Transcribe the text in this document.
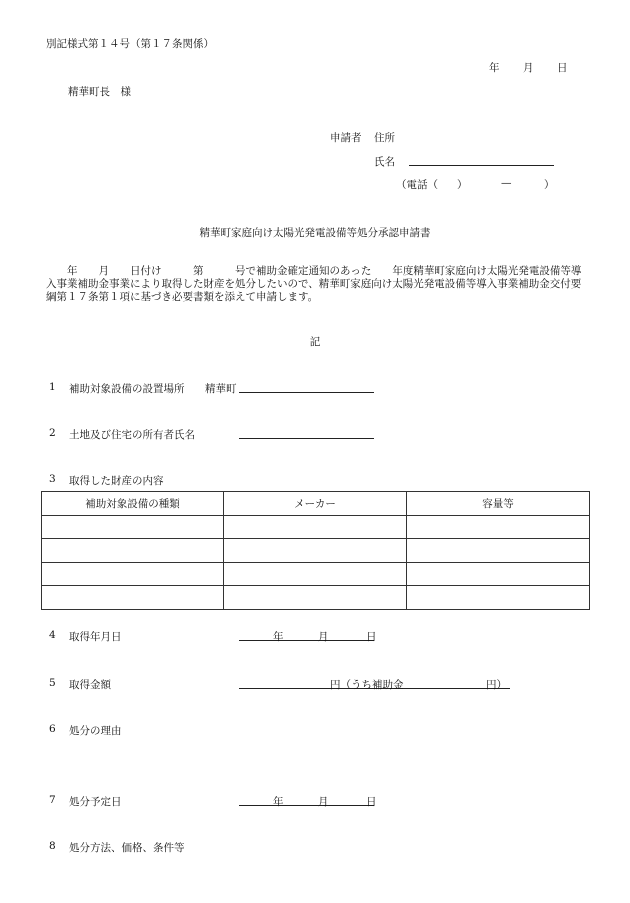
別記様式第１４号（第１７条関係）
年 月 日
精華町長　様
申請者 住所
氏名
（電話（ ）	—	）
精華町家庭向け太陽光発電設備等処分承認申請書
　　年　　月　　日付け　　　第　　　号で補助金確定通知のあった　　年度精華町家庭向け太陽光発電設備等導入事業補助金事業により取得した財産を処分したいので、精華町家庭向け太陽光発電設備等導入事業補助金交付要綱第１７条第１項に基づき必要書類を添えて申請します。
記
1 補助対象設備の設置場所 精華町
2 土地及び住宅の所有者氏名
3 取得した財産の内容
補助対象設備の種類	メーカー	容量等

4 取得年月日	年	月	日
5 取得金額	円（うち補助金	円）
6 処分の理由
7 処分予定日	年	月	日
8 処分方法、価格、条件等
